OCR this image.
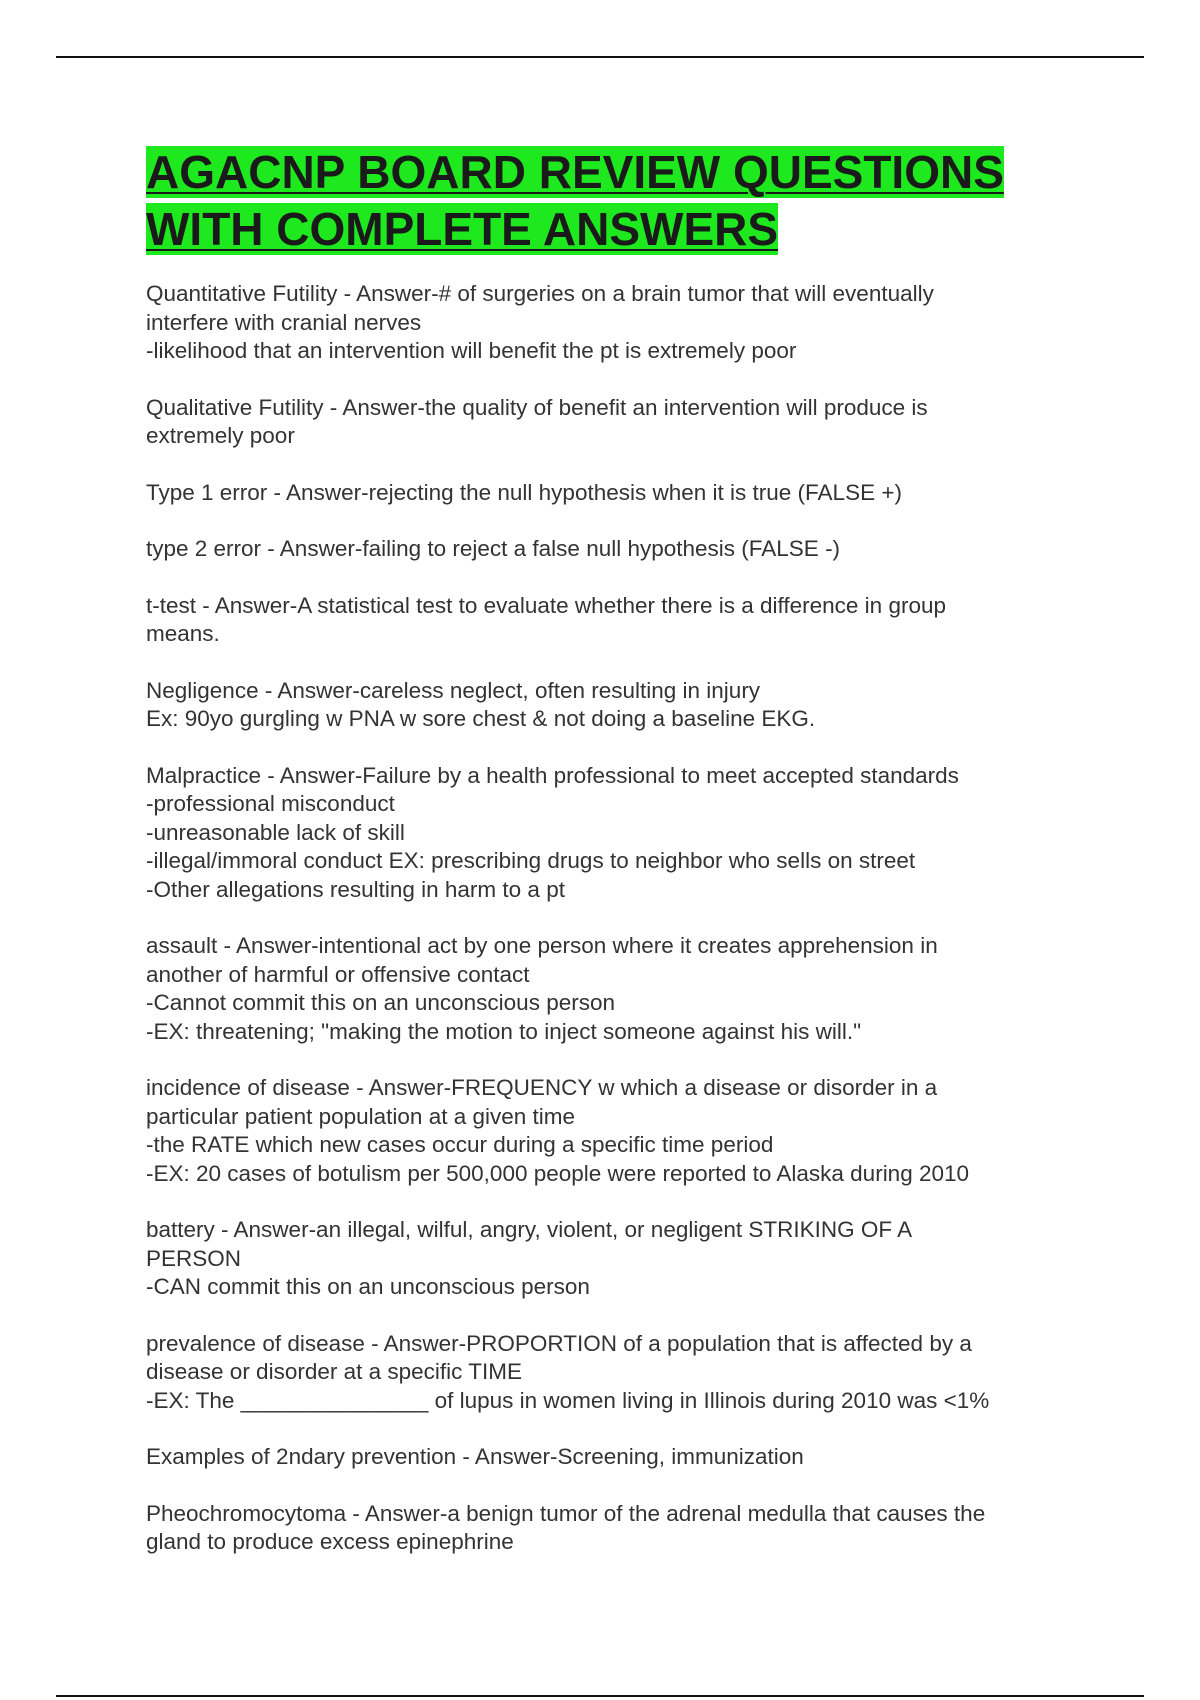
AGACNP BOARD REVIEW QUESTIONS
WITH COMPLETE ANSWERS

Quantitative Futility - Answer-# of surgeries on a brain tumor that will eventually
interfere with cranial nerves
-likelihood that an intervention will benefit the pt is extremely poor

Qualitative Futility - Answer-the quality of benefit an intervention will produce is
extremely poor

Type 1 error - Answer-rejecting the null hypothesis when it is true (FALSE +)

type 2 error - Answer-failing to reject a false null hypothesis (FALSE -)

t-test - Answer-A statistical test to evaluate whether there is a difference in group
means.

Negligence - Answer-careless neglect, often resulting in injury
Ex: 90yo gurgling w PNA w sore chest & not doing a baseline EKG.

Malpractice - Answer-Failure by a health professional to meet accepted standards
-professional misconduct
-unreasonable lack of skill
-illegal/immoral conduct EX: prescribing drugs to neighbor who sells on street
-Other allegations resulting in harm to a pt

assault - Answer-intentional act by one person where it creates apprehension in
another of harmful or offensive contact
-Cannot commit this on an unconscious person
-EX: threatening; "making the motion to inject someone against his will."

incidence of disease - Answer-FREQUENCY w which a disease or disorder in a
particular patient population at a given time
-the RATE which new cases occur during a specific time period
-EX: 20 cases of botulism per 500,000 people were reported to Alaska during 2010

battery - Answer-an illegal, wilful, angry, violent, or negligent STRIKING OF A
PERSON
-CAN commit this on an unconscious person

prevalence of disease - Answer-PROPORTION of a population that is affected by a
disease or disorder at a specific TIME
-EX: The _______________ of lupus in women living in Illinois during 2010 was <1%

Examples of 2ndary prevention - Answer-Screening, immunization

Pheochromocytoma - Answer-a benign tumor of the adrenal medulla that causes the
gland to produce excess epinephrine
